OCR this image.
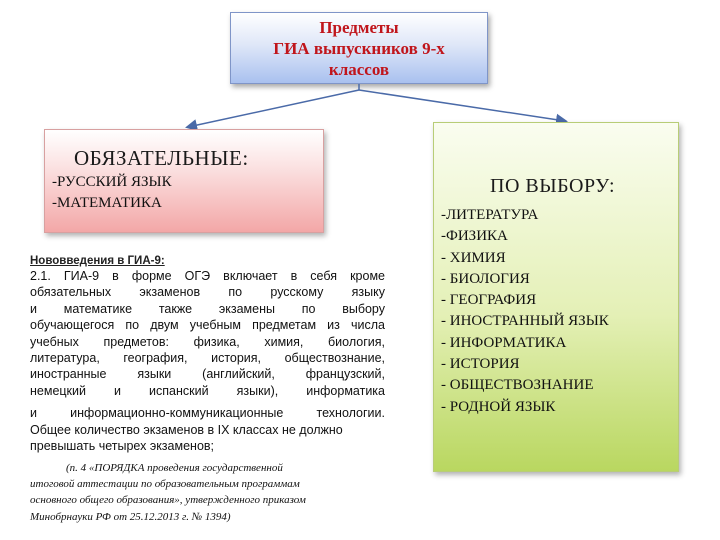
Предметы
ГИА выпускников 9-х
классов
ОБЯЗАТЕЛЬНЫЕ:
-РУССКИЙ ЯЗЫК
-МАТЕМАТИКА
Нововведения в ГИА-9:
2.1. ГИА-9 в форме ОГЭ включает в себя кроме
обязательных экзаменов по русскому языку
и математике также экзамены по выбору
обучающегося по двум учебным предметам из числа
учебных предметов: физика, химия, биология,
литература, география, история, обществознание,
иностранные языки (английский, французский,
немецкий и испанский языки), информатика
и информационно-коммуникационные технологии.
Общее количество экзаменов в IX классах не должно
превышать четырех экзаменов;
(п. 4 «ПОРЯДКА проведения государственной
итоговой аттестации по образовательным программам
основного общего образования», утвержденного приказом
Минобрнауки РФ от 25.12.2013 г. № 1394)
ПО ВЫБОРУ:
-ЛИТЕРАТУРА
-ФИЗИКА
- ХИМИЯ
- БИОЛОГИЯ
- ГЕОГРАФИЯ
- ИНОСТРАННЫЙ ЯЗЫК
- ИНФОРМАТИКА
- ИСТОРИЯ
- ОБЩЕСТВОЗНАНИЕ
- РОДНОЙ ЯЗЫК
